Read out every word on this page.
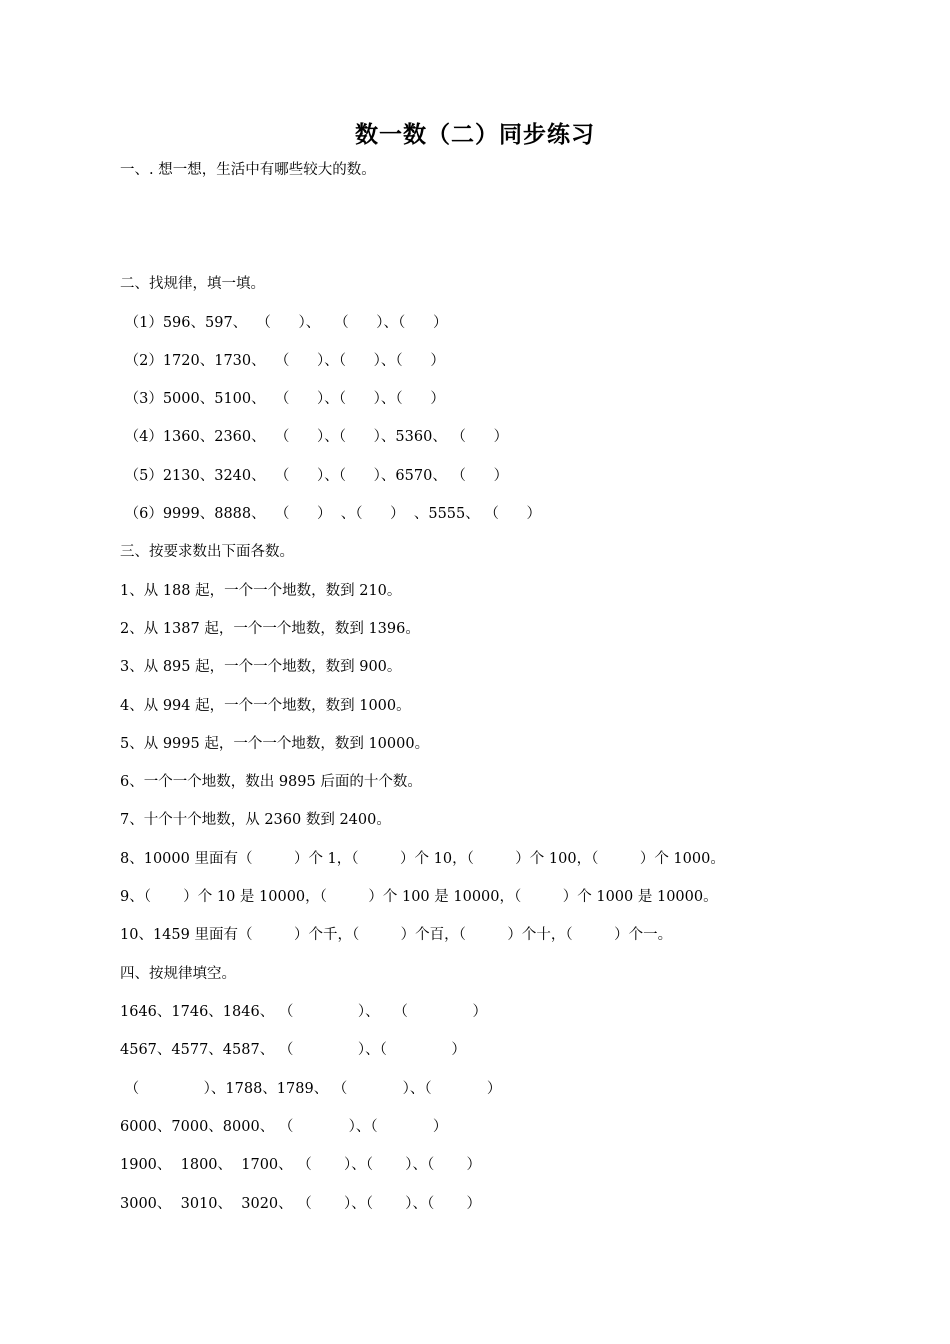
数一数（二）同步练习

一、. 想一想，生活中有哪些较大的数。

二、找规律，填一填。

（1）596、597、  （      ）、   （      ）、（      ）

（2）1720、1730、  （      ）、（      ）、（      ）

（3）5000、5100、  （      ）、（      ）、（      ）

（4）1360、2360、  （      ）、（      ）、5360、 （      ）

（5）2130、3240、  （      ）、（      ）、6570、 （      ）

（6）9999、8888、  （      ）  、（      ）  、5555、 （      ）

三、按要求数出下面各数。

1、从 188 起，一个一个地数，数到 210。

2、从 1387 起，一个一个地数，数到 1396。

3、从 895 起，一个一个地数，数到 900。

4、从 994 起，一个一个地数，数到 1000。

5、从 9995 起，一个一个地数，数到 10000。

6、一个一个地数，数出 9895 后面的十个数。

7、十个十个地数，从 2360 数到 2400。

8、10000 里面有（         ）个 1，（         ）个 10，（         ）个 100，（         ）个 1000。

9、（       ）个 10 是 10000，（         ）个 100 是 10000，（         ）个 1000 是 10000。

10、1459 里面有（         ）个千，（         ）个百，（         ）个十，（         ）个一。

四、按规律填空。

1646、1746、1846、 （              ）、   （              ）

4567、4577、4587、 （              ）、（              ）

（              ）、1788、1789、 （            ）、（            ）

6000、7000、8000、 （            ）、（            ）

1900、  1800、  1700、 （       ）、（       ）、（       ）

3000、  3010、  3020、 （       ）、（       ）、（       ）
